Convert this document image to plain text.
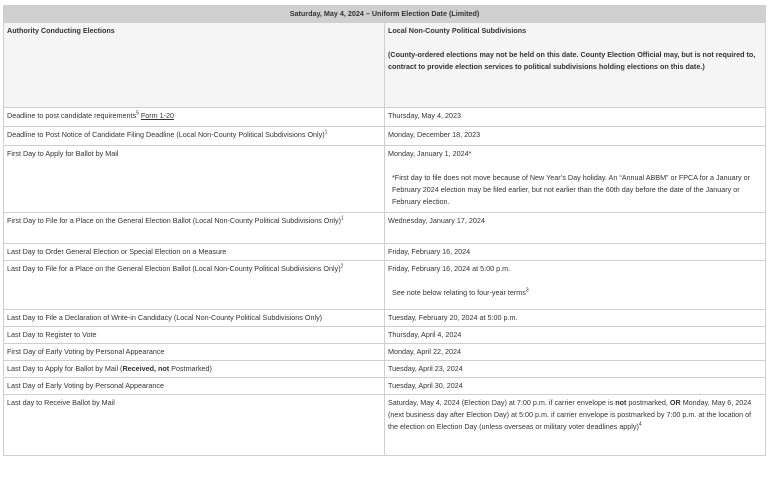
Saturday, May 4, 2024 – Uniform Election Date (Limited)	
Authority Conducting Elections	Local Non-County Political Subdivisions
(County-ordered elections may not be held on this date. County Election Official may, but is not required to, contract to provide election services to political subdivisions holding elections on this date.)

Deadline to post candidate requirements$^5$ Form 1-20	Thursday, May 4, 2023
Deadline to Post Notice of Candidate Filing Deadline (Local Non-County Political Subdivisions Only)$^1$	Monday, December 18, 2023
First Day to Apply for Ballot by Mail	Monday, January 1, 2024*
*First day to file does not move because of New Year’s Day holiday. An “Annual ABBM” or FPCA for a January or February 2024 election may be filed earlier, but not earlier than the 60th day before the date of the January or February election.

First Day to File for a Place on the General Election Ballot (Local Non-County Political Subdivisions Only)$^1$	Wednesday, January 17, 2024
Last Day to Order General Election or Special Election on a Measure	Friday, February 16, 2024
Last Day to File for a Place on the General Election Ballot (Local Non-County Political Subdivisions Only)$^2$	Friday, February 16, 2024 at 5:00 p.m.
See note below relating to four-year terms$^3$

Last Day to File a Declaration of Write-in Candidacy (Local Non-County Political Subdivisions Only)	Tuesday, February 20, 2024 at 5:00 p.m.
Last Day to Register to Vote	Thursday, April 4, 2024
First Day of Early Voting by Personal Appearance	Monday, April 22, 2024
Last Day to Apply for Ballot by Mail (Received, not Postmarked)	Tuesday, April 23, 2024
Last Day of Early Voting by Personal Appearance	Tuesday, April 30, 2024
Last day to Receive Ballot by Mail	Saturday, May 4, 2024 (Election Day) at 7:00 p.m. if carrier envelope is not postmarked, OR Monday, May 6, 2024 (next business day after Election Day) at 5:00 p.m. if carrier envelope is postmarked by 7:00 p.m. at the location of the election on Election Day (unless overseas or military voter deadlines apply)$^4$
